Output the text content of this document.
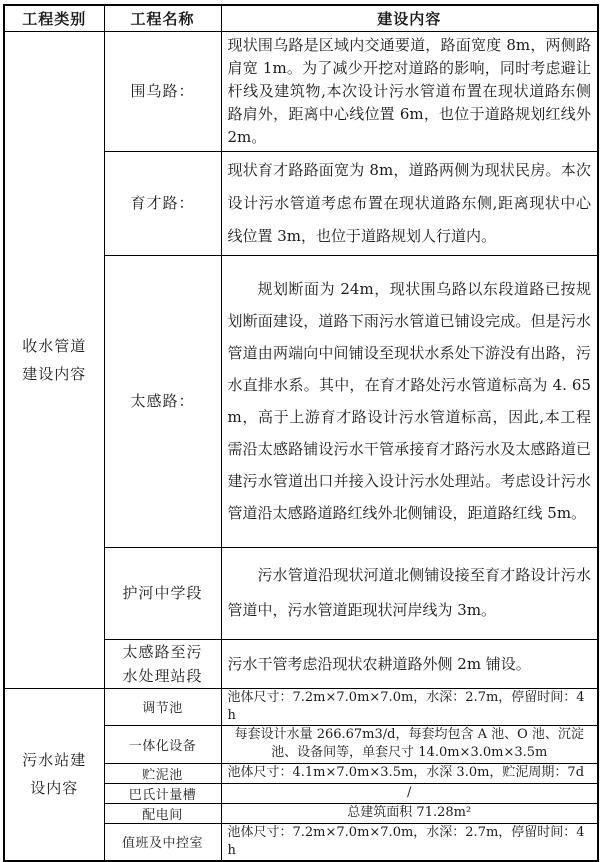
工程类别	工程名称	建设内容
收水管道建设内容	围乌路：	现状围乌路是区域内交通要道，路面宽度 8m，两侧路肩宽 1m。为了减少开挖对道路的影响，同时考虑避让杆线及建筑物,本次设计污水管道布置在现状道路东侧路肩外，距离中心线位置 6m，也位于道路规划红线外 2m。
	育才路：	现状育才路路面宽为 8m，道路两侧为现状民房。本次设计污水管道考虑布置在现状道路东侧,距离现状中心线位置 3m，也位于道路规划人行道内。
	太感路：	规划断面为 24m，现状围乌路以东段道路已按规划断面建设，道路下雨污水管道已铺设完成。但是污水管道由两端向中间铺设至现状水系处下游没有出路，污水直排水系。其中，在育才路处污水管道标高为 4. 65m，高于上游育才路设计污水管道标高，因此,本工程需沿太感路铺设污水干管承接育才路污水及太感路道已建污水管道出口并接入设计污水处理站。考虑设计污水管道沿太感路道路红线外北侧铺设，距道路红线 5m。
	护河中学段	污水管道沿现状河道北侧铺设接至育才路设计污水管道中，污水管道距现状河岸线为 3m。
	太感路至污水处理站段	污水干管考虑沿现状农耕道路外侧 2m 铺设。
污水站建设内容	调节池	池体尺寸：7.2m×7.0m×7.0m，水深：2.7m，停留时间：4h
	一体化设备	每套设计水量 266.67m3/d，每套均包含 A 池、O 池、沉淀池、设备间等，单套尺寸 14.0m×3.0m×3.5m
	贮泥池	池体尺寸：4.1m×7.0m×3.5m，水深 3.0m，贮泥周期：7d
	巴氏计量槽	/
	配电间	总建筑面积 71.28m²
	值班及中控室	池体尺寸：7.2m×7.0m×7.0m，水深：2.7m，停留时间：4h
